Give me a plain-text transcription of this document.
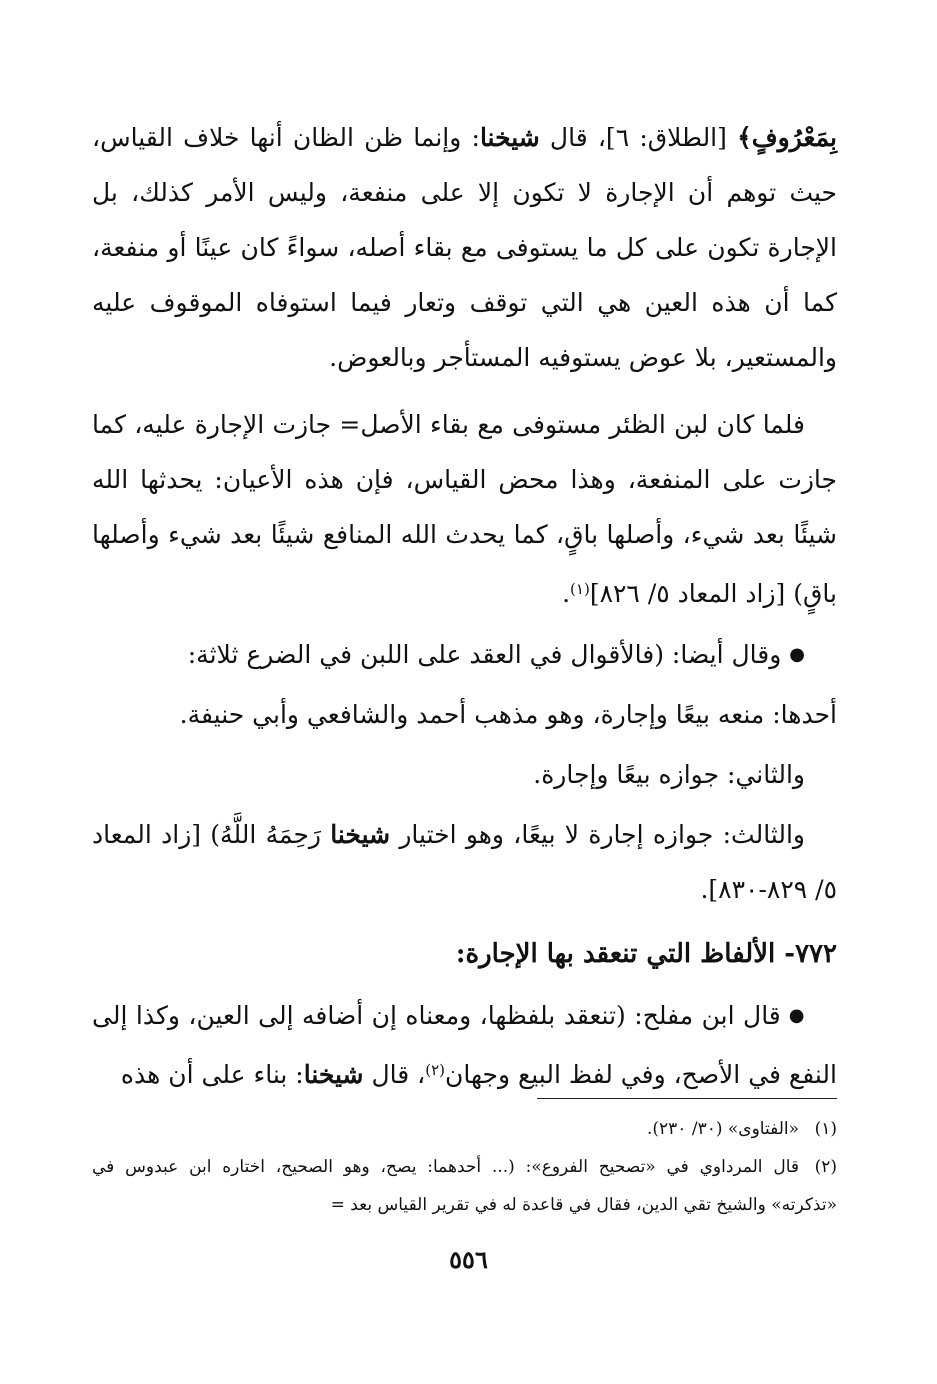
بِمَعْرُوفٍ﴾ [الطلاق: ٦]، قال شيخنا: وإنما ظن الظان أنها خلاف القياس، حيث توهم أن الإجارة لا تكون إلا على منفعة، وليس الأمر كذلك، بل الإجارة تكون على كل ما يستوفى مع بقاء أصله، سواءً كان عينًا أو منفعة، كما أن هذه العين هي التي توقف وتعار فيما استوفاه الموقوف عليه والمستعير، بلا عوض يستوفيه المستأجر وبالعوض.

فلما كان لبن الظئر مستوفى مع بقاء الأصل= جازت الإجارة عليه، كما جازت على المنفعة، وهذا محض القياس، فإن هذه الأعيان: يحدثها الله شيئًا بعد شيء، وأصلها باقٍ، كما يحدث الله المنافع شيئًا بعد شيء وأصلها باقٍ) [زاد المعاد ٥/ ٨٢٦]$^{(١)}$.

●وقال أيضا: (فالأقوال في العقد على اللبن في الضرع ثلاثة:

أحدها: منعه بيعًا وإجارة، وهو مذهب أحمد والشافعي وأبي حنيفة.

والثاني: جوازه بيعًا وإجارة.

والثالث: جوازه إجارة لا بيعًا، وهو اختيار شيخنا رَحِمَهُ اللَّهُ) [زاد المعاد ٥/ ٨٢٩-٨٣٠].

٧٧٢- الألفاظ التي تنعقد بها الإجارة:

●قال ابن مفلح: (تنعقد بلفظها، ومعناه إن أضافه إلى العين، وكذا إلى النفع في الأصح، وفي لفظ البيع وجهان$^{(٢)}$، قال شيخنا: بناء على أن هذه

(١)«الفتاوى» (٣٠/ ٢٣٠).

(٢)قال المرداوي في «تصحيح الفروع»: (... أحدهما: يصح، وهو الصحيح، اختاره ابن عبدوس في «تذكرته» والشيخ تقي الدين، فقال في قاعدة له في تقرير القياس بعد =

٥٥٦
